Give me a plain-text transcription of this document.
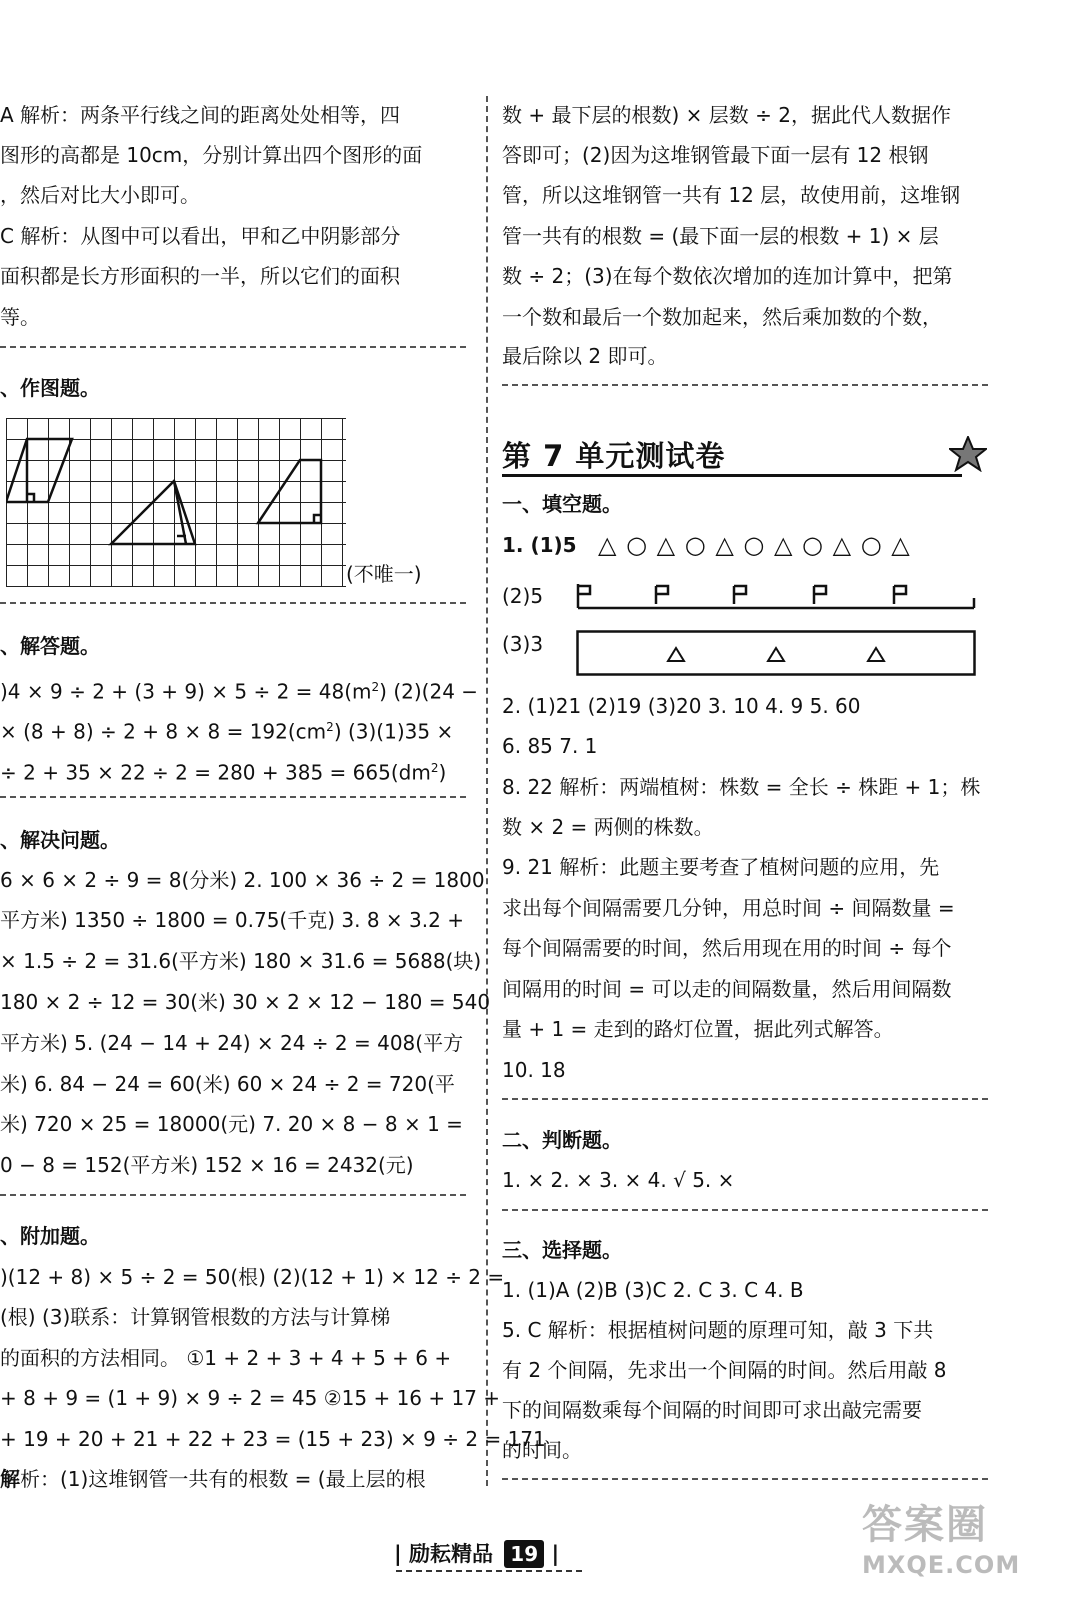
A 解析：两条平行线之间的距离处处相等，四
图形的高都是 10cm，分别计算出四个图形的面
，然后对比大小即可。
C 解析：从图中可以看出，甲和乙中阴影部分
面积都是长方形面积的一半，所以它们的面积
等。
、作图题。
(不唯一)
、解答题。
)$4 \times 9 \div 2 + (3 + 9) \times 5 \div 2 = 48(m^2) (2)(24$ −
× $(8 + 8) \div 2 + 8 \times 8 = 192(cm^2) (3)(1)35$ ×
÷ $2 + 35 \times 22 \div 2 = 280 + 385 = 665(dm^2)$
、解决问题。
6 × 6 × 2 ÷ 9 = 8(分米) 2. 100 × 36 ÷ 2 = 1800
平方米) 1350 ÷ 1800 = 0.75(千克) 3. 8 × 3.2 +
× 1.5 ÷ 2 = 31.6(平方米) 180 × 31.6 = 5688(块)
180 × 2 ÷ 12 = 30(米) 30 × 2 × 12 − 180 = 540
平方米) 5. (24 − 14 + 24) × 24 ÷ 2 = 408(平方
米) 6. 84 − 24 = 60(米) 60 × 24 ÷ 2 = 720(平
米) 720 × 25 = 18000(元) 7. 20 × 8 − 8 × 1 =
0 − 8 = 152(平方米) 152 × 16 = 2432(元)
、附加题。
)(12 + 8) × 5 ÷ 2 = 50(根) (2)(12 + 1) × 12 ÷ 2 =
(根) (3)联系：计算钢管根数的方法与计算梯
的面积的方法相同。 ①1 + 2 + 3 + 4 + 5 + 6 +
+ 8 + 9 = (1 + 9) × 9 ÷ 2 = 45 ②15 + 16 + 17 +
+ 19 + 20 + 21 + 22 + 23 = (15 + 23) × 9 ÷ 2 = 171
解析：(1)这堆钢管一共有的根数 = (最上层的根
数 + 最下层的根数) × 层数 ÷ 2，据此代人数据作
答即可；(2)因为这堆钢管最下面一层有 12 根钢
管，所以这堆钢管一共有 12 层，故使用前，这堆钢
管一共有的根数 = (最下面一层的根数 + 1) × 层
数 ÷ 2；(3)在每个数依次增加的连加计算中，把第
一个数和最后一个数加起来，然后乘加数的个数，
最后除以 2 即可。
第 7 单元测试卷
一、填空题。
1. (1)5 △ ○ △ ○ △ ○ △ ○ △ ○ △
(2)5
(3)3
2. (1)21 (2)19 (3)20 3. 10 4. 9 5. 60
6. 85 7. 1
8. 22 解析：两端植树：株数 = 全长 ÷ 株距 + 1；株
数 × 2 = 两侧的株数。
9. 21 解析：此题主要考查了植树问题的应用，先
求出每个间隔需要几分钟，用总时间 ÷ 间隔数量 =
每个间隔需要的时间，然后用现在用的时间 ÷ 每个
间隔用的时间 = 可以走的间隔数量，然后用间隔数
量 + 1 = 走到的路灯位置，据此列式解答。
10. 18
二、判断题。
1. × 2. × 3. × 4. √ 5. ×
三、选择题。
1. (1)A (2)B (3)C 2. C 3. C 4. B
5. C 解析：根据植树问题的原理可知，敲 3 下共
有 2 个间隔，先求出一个间隔的时间。然后用敲 8
下的间隔数乘每个间隔的时间即可求出敲完需要
的时间。
| 励耘精品 19 |
答案圈
MXQE.COM
